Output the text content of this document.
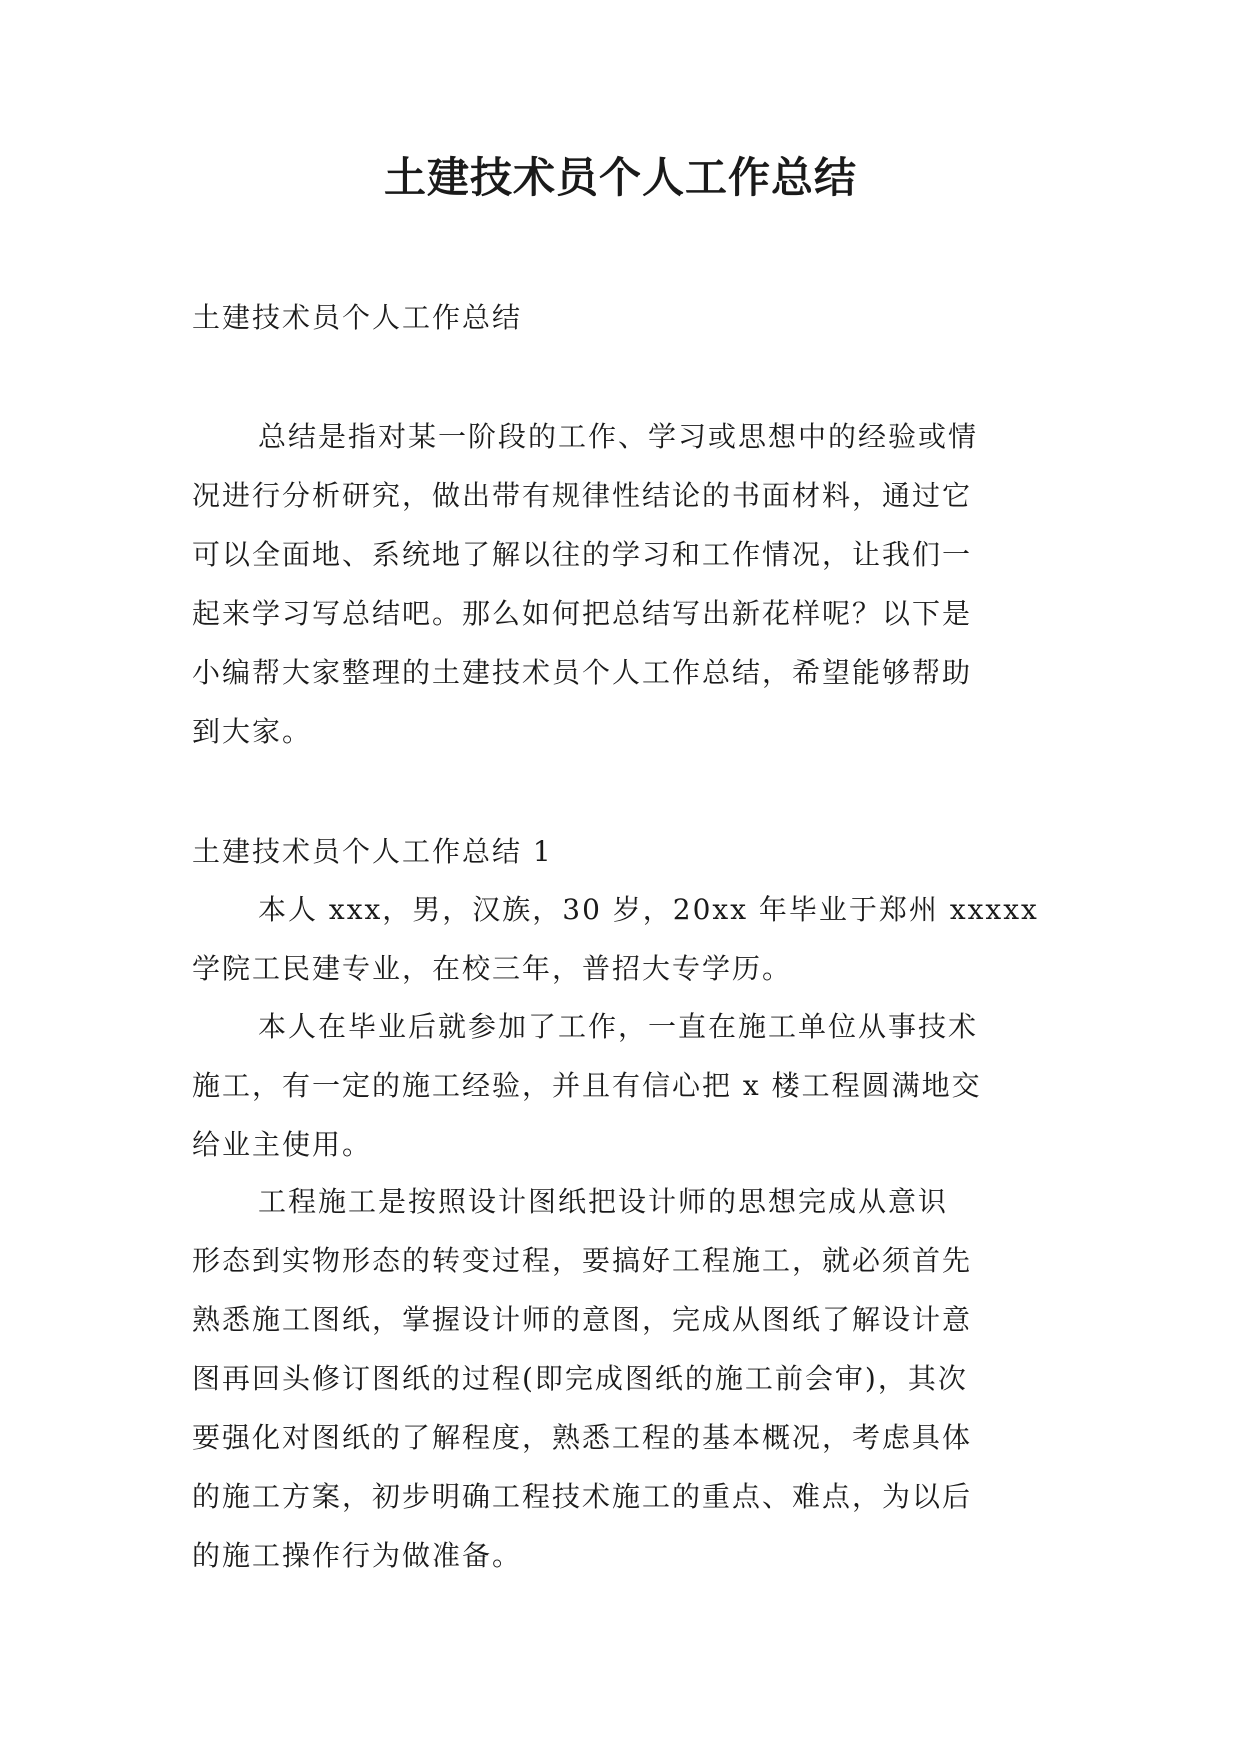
土建技术员个人工作总结

土建技术员个人工作总结

总结是指对某一阶段的工作、学习或思想中的经验或情
况进行分析研究，做出带有规律性结论的书面材料，通过它
可以全面地、系统地了解以往的学习和工作情况，让我们一
起来学习写总结吧。那么如何把总结写出新花样呢？以下是
小编帮大家整理的土建技术员个人工作总结，希望能够帮助
到大家。
土建技术员个人工作总结 1
本人 xxx，男，汉族，30 岁，20xx 年毕业于郑州 xxxxx
学院工民建专业，在校三年，普招大专学历。
本人在毕业后就参加了工作，一直在施工单位从事技术
施工，有一定的施工经验，并且有信心把 x 楼工程圆满地交
给业主使用。
工程施工是按照设计图纸把设计师的思想完成从意识
形态到实物形态的转变过程，要搞好工程施工，就必须首先
熟悉施工图纸，掌握设计师的意图，完成从图纸了解设计意
图再回头修订图纸的过程(即完成图纸的施工前会审)，其次
要强化对图纸的了解程度，熟悉工程的基本概况，考虑具体
的施工方案，初步明确工程技术施工的重点、难点，为以后
的施工操作行为做准备。
